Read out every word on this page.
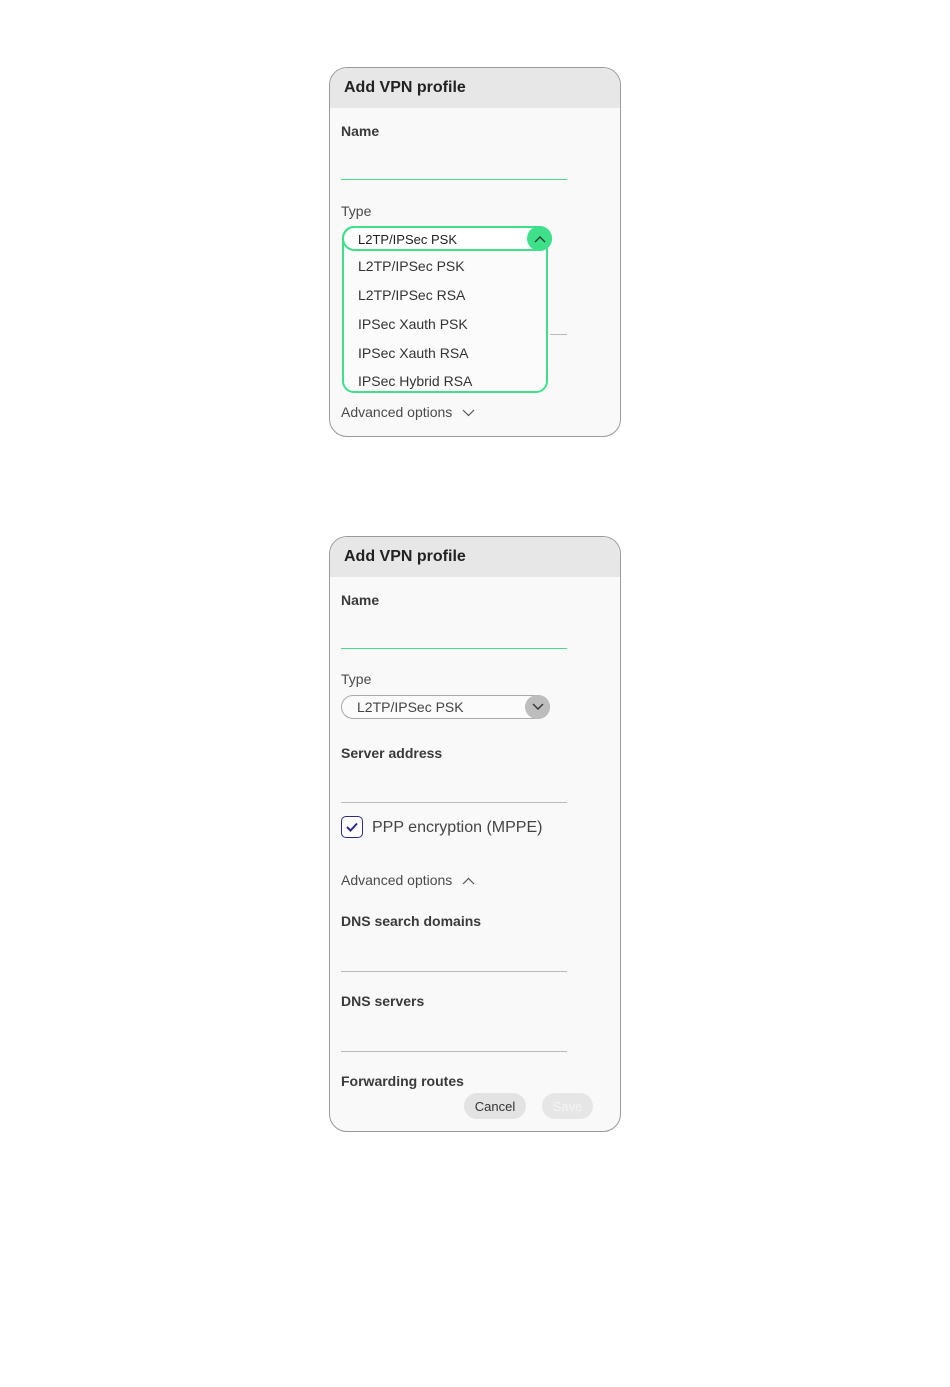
Add VPN profile
Name
Type
L2TP/IPSec PSK
L2TP/IPSec PSK
L2TP/IPSec RSA
IPSec Xauth PSK
IPSec Xauth RSA
IPSec Hybrid RSA
Advanced options
Add VPN profile
Name
Type
L2TP/IPSec PSK
Server address
PPP encryption (MPPE)
Advanced options
DNS search domains
DNS servers
Forwarding routes
Cancel	Save
